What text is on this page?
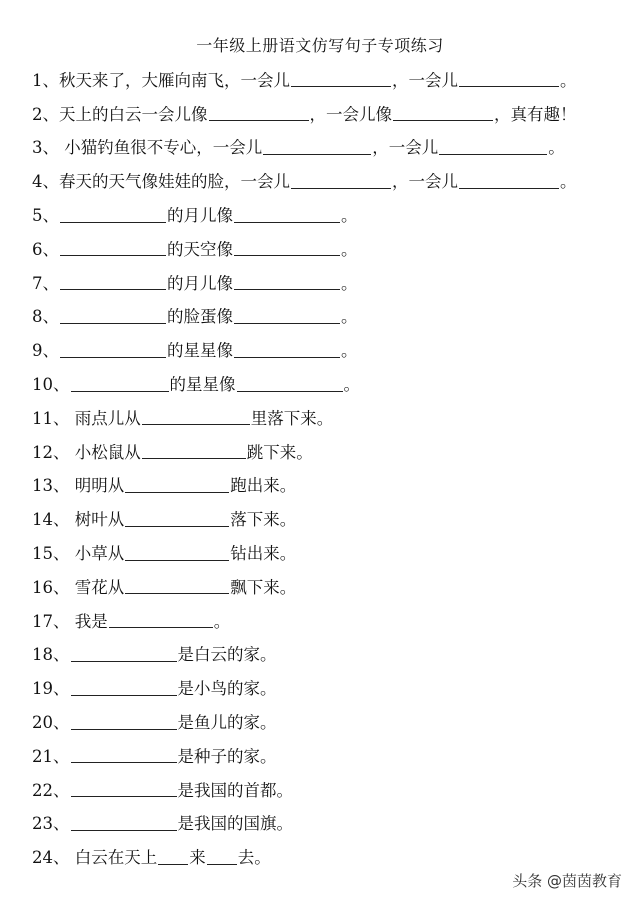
一年级上册语文仿写句子专项练习
1、秋天来了，大雁向南飞，一会儿	，一会儿	。
2、天上的白云一会儿像	，一会儿像	，真有趣！
3、 小猫钓鱼很不专心，一会儿	，一会儿	。
4、春天的天气像娃娃的脸，一会儿	，一会儿	。
5、	的月儿像	。
6、	的天空像	。
7、	的月儿像	。
8、	的脸蛋像	。
9、	的星星像	。
10、	的星星像	。
11、 雨点儿从	里落下来。
12、 小松鼠从	跳下来。
13、 明明从	跑出来。
14、 树叶从	落下来。
15、 小草从	钻出来。
16、 雪花从	飘下来。
17、 我是	。
18、	是白云的家。
19、	是小鸟的家。
20、	是鱼儿的家。
21、	是种子的家。
22、	是我国的首都。
23、	是我国的国旗。
24、 白云在天上 来 去。
头条 @茵茵教育
